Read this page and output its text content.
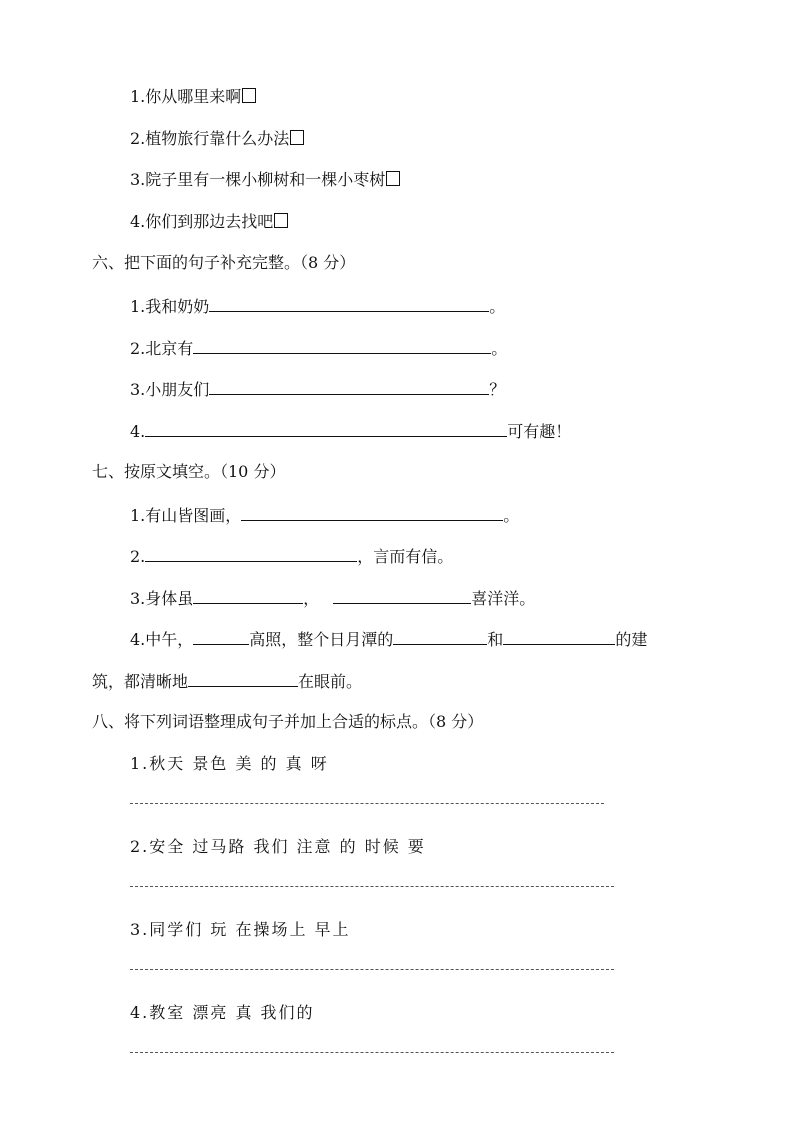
1.你从哪里来啊
2.植物旅行靠什么办法
3.院子里有一棵小柳树和一棵小枣树
4.你们到那边去找吧
六、把下面的句子补充完整。（8 分）
1.我和奶奶	。
2.北京有	。
3.小朋友们	？
4.	可有趣！
七、按原文填空。（10 分）
1.有山皆图画，	。
2.	，言而有信。
3.身体虽	，	喜洋洋。
4.中午，	高照，整个日月潭的	和	的建
筑，都清晰地	在眼前。
八、将下列词语整理成句子并加上合适的标点。（8 分）
1.秋天 景色 美 的 真 呀
2.安全 过马路 我们 注意 的 时候 要
3.同学们 玩 在操场上 早上
4.教室 漂亮 真 我们的
